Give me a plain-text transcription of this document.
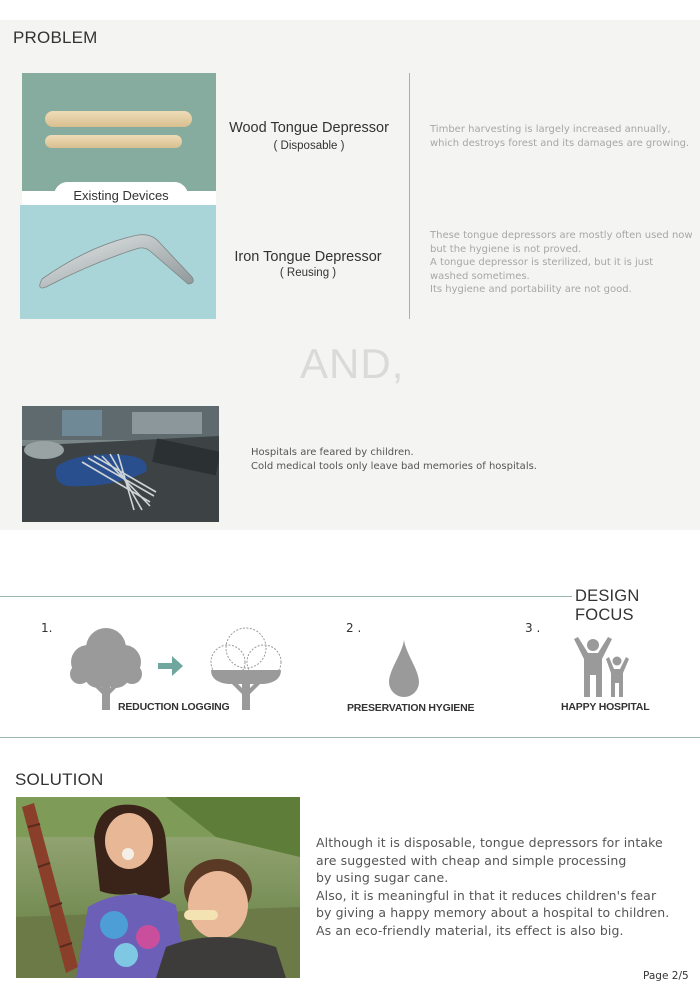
PROBLEM
Existing Devices
Wood Tongue Depressor
( Disposable )
Iron Tongue Depressor
( Reusing )
Timber harvesting is largely increased annually,
which destroys forest and its damages are growing.
These tongue depressors are mostly often used now
but the hygiene is not proved.
A tongue depressor is sterilized, but it is just
washed sometimes.
Its hygiene and portability are not good.
AND,
Hospitals are feared by children.
Cold medical tools only leave bad memories of hospitals.
DESIGN FOCUS
1.	2 .	3 .
REDUCTION LOGGING	PRESERVATION HYGIENE	HAPPY HOSPITAL
SOLUTION
Although it is disposable, tongue depressors for intake
are suggested with cheap and simple processing
by using sugar cane.
Also, it is meaningful in that it reduces children's fear
by giving a happy memory about a hospital to children.
As an eco-friendly material, its effect is also big.
Page 2/5
